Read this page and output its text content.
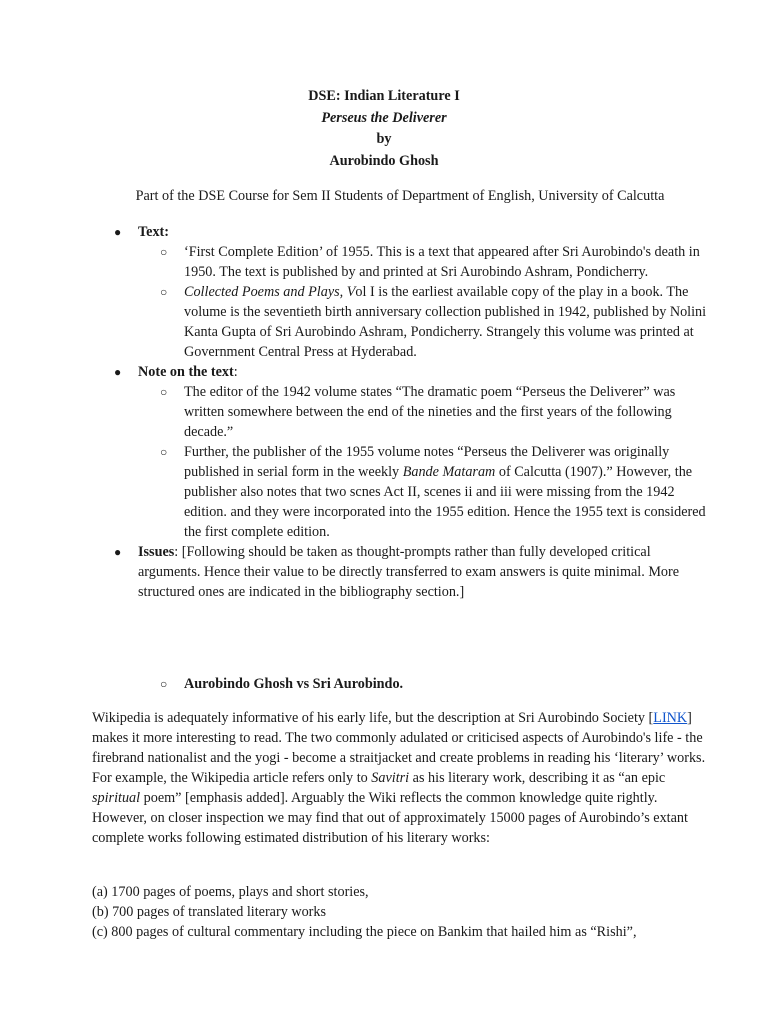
DSE: Indian Literature I
Perseus the Deliverer
by
Aurobindo Ghosh
Part of the DSE Course for Sem II Students of Department of English, University of Calcutta
● Text:
○ ‘First Complete Edition’ of 1955. This is a text that appeared after Sri Aurobindo's death in 1950. The text is published by and printed at Sri Aurobindo Ashram, Pondicherry.
○ Collected Poems and Plays, Vol I is the earliest available copy of the play in a book. The volume is the seventieth birth anniversary collection published in 1942, published by Nolini Kanta Gupta of Sri Aurobindo Ashram, Pondicherry. Strangely this volume was printed at Government Central Press at Hyderabad.
● Note on the text:
○ The editor of the 1942 volume states “The dramatic poem “Perseus the Deliverer” was written somewhere between the end of the nineties and the first years of the following decade.”
○ Further, the publisher of the 1955 volume notes “Perseus the Deliverer was originally published in serial form in the weekly Bande Mataram of Calcutta (1907).” However, the publisher also notes that two scnes Act II, scenes ii and iii were missing from the 1942 edition. and they were incorporated into the 1955 edition. Hence the 1955 text is considered the first complete edition.
● Issues: [Following should be taken as thought-prompts rather than fully developed critical arguments. Hence their value to be directly transferred to exam answers is quite minimal. More structured ones are indicated in the bibliography section.]
○ Aurobindo Ghosh vs Sri Aurobindo.
Wikipedia is adequately informative of his early life, but the description at Sri Aurobindo Society [LINK] makes it more interesting to read. The two commonly adulated or criticised aspects of Aurobindo's life - the firebrand nationalist and the yogi - become a straitjacket and create problems in reading his ‘literary’ works. For example, the Wikipedia article refers only to Savitri as his literary work, describing it as “an epic spiritual poem” [emphasis added]. Arguably the Wiki reflects the common knowledge quite rightly. However, on closer inspection we may find that out of approximately 15000 pages of Aurobindo’s extant complete works following estimated distribution of his literary works:
(a) 1700 pages of poems, plays and short stories,
(b) 700 pages of translated literary works
(c) 800 pages of cultural commentary including the piece on Bankim that hailed him as “Rishi”,
